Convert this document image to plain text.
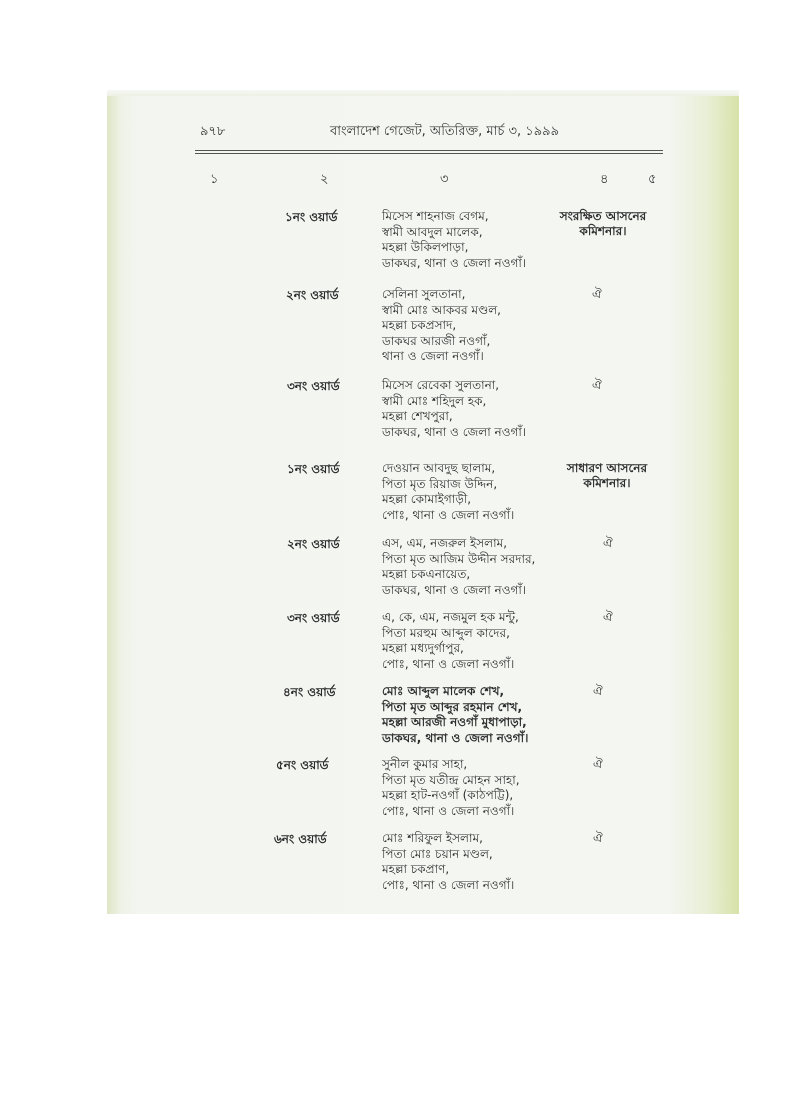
৯৭৮	বাংলাদেশ গেজেট, অতিরিক্ত, মার্চ ৩, ১৯৯৯
১	২	৩	৪	৫
১নং ওয়ার্ড	মিসেস শাহনাজ বেগম,
স্বামী আবদুল মালেক,
মহল্লা উকিলপাড়া,
ডাকঘর, থানা ও জেলা নওগাঁ।
সংরক্ষিত আসনের কমিশনার।
২নং ওয়ার্ড	সেলিনা সুলতানা,
স্বামী মোঃ আকবর মণ্ডল,
মহল্লা চকপ্রসাদ,
ডাকঘর আরজী নওগাঁ,
থানা ও জেলা নওগাঁ।
ঐ
৩নং ওয়ার্ড	মিসেস রেবেকা সুলতানা,
স্বামী মোঃ শহিদুল হক,
মহল্লা শেখপুরা,
ডাকঘর, থানা ও জেলা নওগাঁ।
ঐ
১নং ওয়ার্ড	দেওয়ান আবদুছ ছালাম,
পিতা মৃত রিয়াজ উদ্দিন,
মহল্লা কোমাইগাড়ী,
পোঃ, থানা ও জেলা নওগাঁ।
সাধারণ আসনের কমিশনার।
২নং ওয়ার্ড	এস, এম, নজরুল ইসলাম,
পিতা মৃত আজিম উদ্দীন সরদার,
মহল্লা চকএনায়েত,
ডাকঘর, থানা ও জেলা নওগাঁ।
ঐ
৩নং ওয়ার্ড	এ, কে, এম, নজমুল হক মন্টু,
পিতা মরহুম আব্দুল কাদের,
মহল্লা মধ্যদুর্গাপুর,
পোঃ, থানা ও জেলা নওগাঁ।
ঐ
৪নং ওয়ার্ড	মোঃ আব্দুল মালেক শেখ,
পিতা মৃত আব্দুর রহমান শেখ,
মহল্লা আরজী নওগাঁ মুধাপাড়া,
ডাকঘর, থানা ও জেলা নওগাঁ।
ঐ
৫নং ওয়ার্ড	সুনীল কুমার সাহা,
পিতা মৃত যতীন্দ্র মোহন সাহা,
মহল্লা হাট-নওগাঁ (কাঠপট্টি),
পোঃ, থানা ও জেলা নওগাঁ।
ঐ
৬নং ওয়ার্ড	মোঃ শরিফুল ইসলাম,
পিতা মোঃ চয়ান মণ্ডল,
মহল্লা চকপ্রাণ,
পোঃ, থানা ও জেলা নওগাঁ।
ঐ
